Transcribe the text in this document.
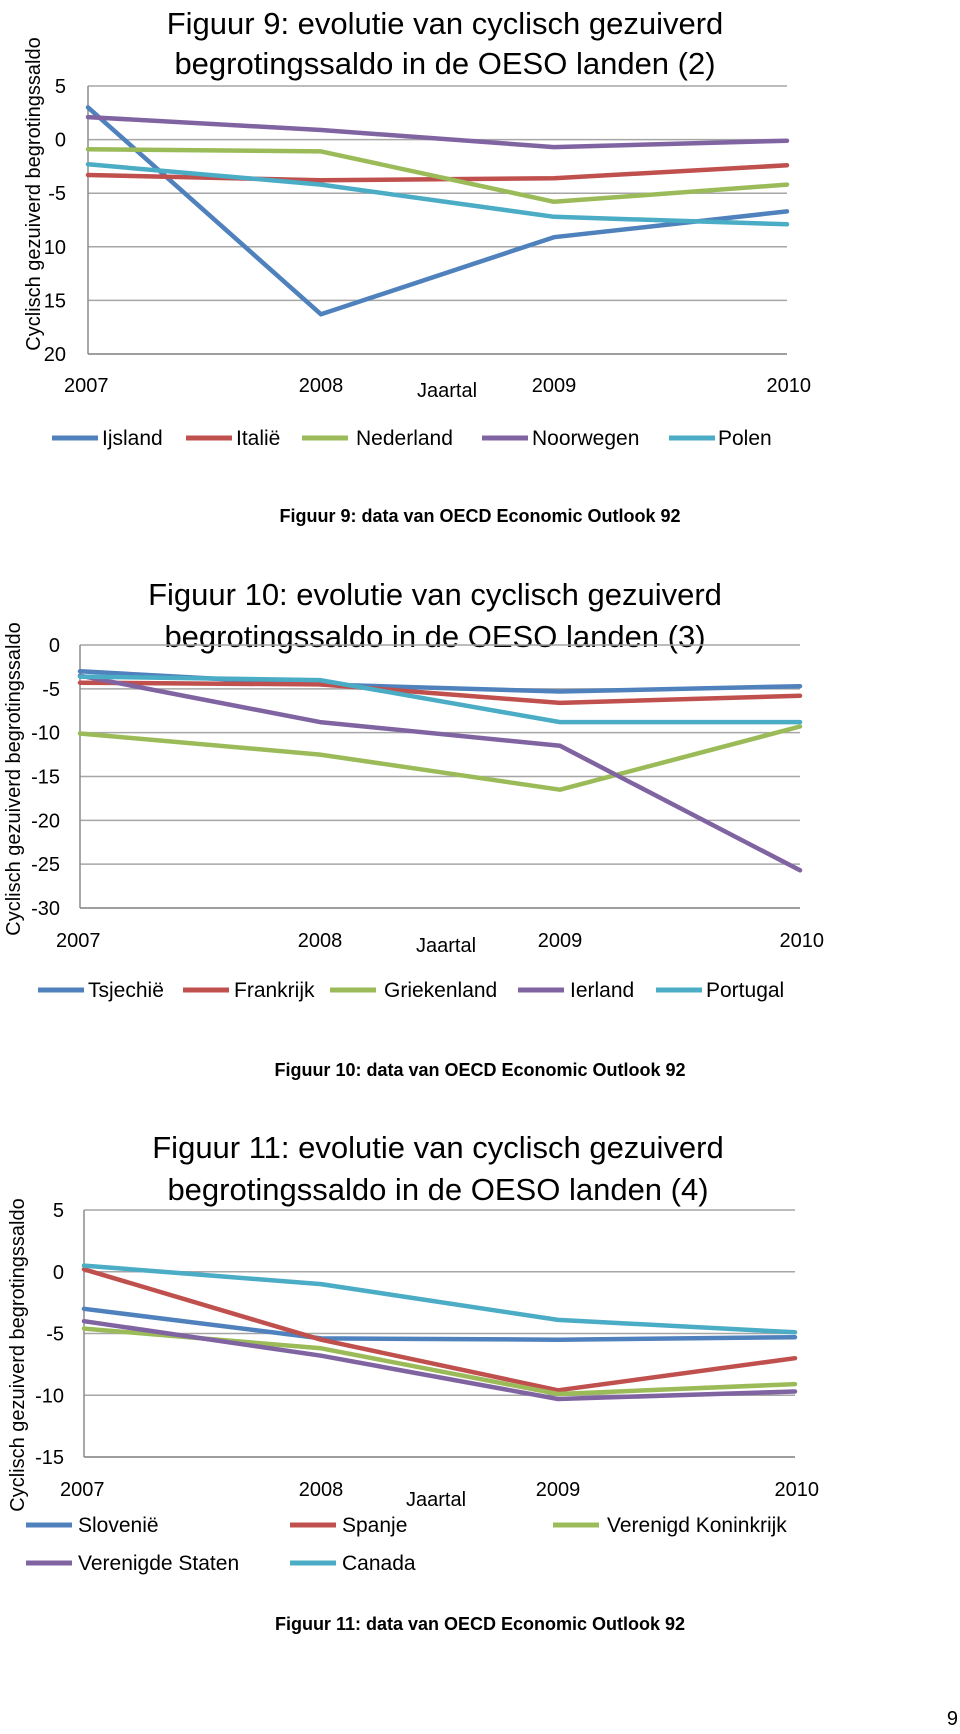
Figuur 9: evolutie van cyclisch gezuiverd
begrotingssaldo in de OESO landen (2)
5
0
-5
10
15
20
2007	2008	2009	2010
Jaartal
Cyclisch gezuiverd begrotingssaldo
Ijsland	Italië	Nederland	Noorwegen	Polen
Figuur 9: data van OECD Economic Outlook 92
Figuur 10: evolutie van cyclisch gezuiverd
begrotingssaldo in de OESO landen (3)
0
-5
-10
-15
-20
-25
-30
2007	2008	2009	2010
Jaartal
Cyclisch gezuiverd begrotingssaldo
Tsjechië	Frankrijk	Griekenland	Ierland	Portugal
Figuur 10: data van OECD Economic Outlook 92
Figuur 11: evolutie van cyclisch gezuiverd
begrotingssaldo in de OESO landen (4)
5
0
-5
-10
-15
2007	2008	2009	2010
Jaartal
Cyclisch gezuiverd begrotingssaldo
Slovenië	Spanje	Verenigd Koninkrijk
Verenigde Staten	Canada
Figuur 11: data van OECD Economic Outlook 92
9
